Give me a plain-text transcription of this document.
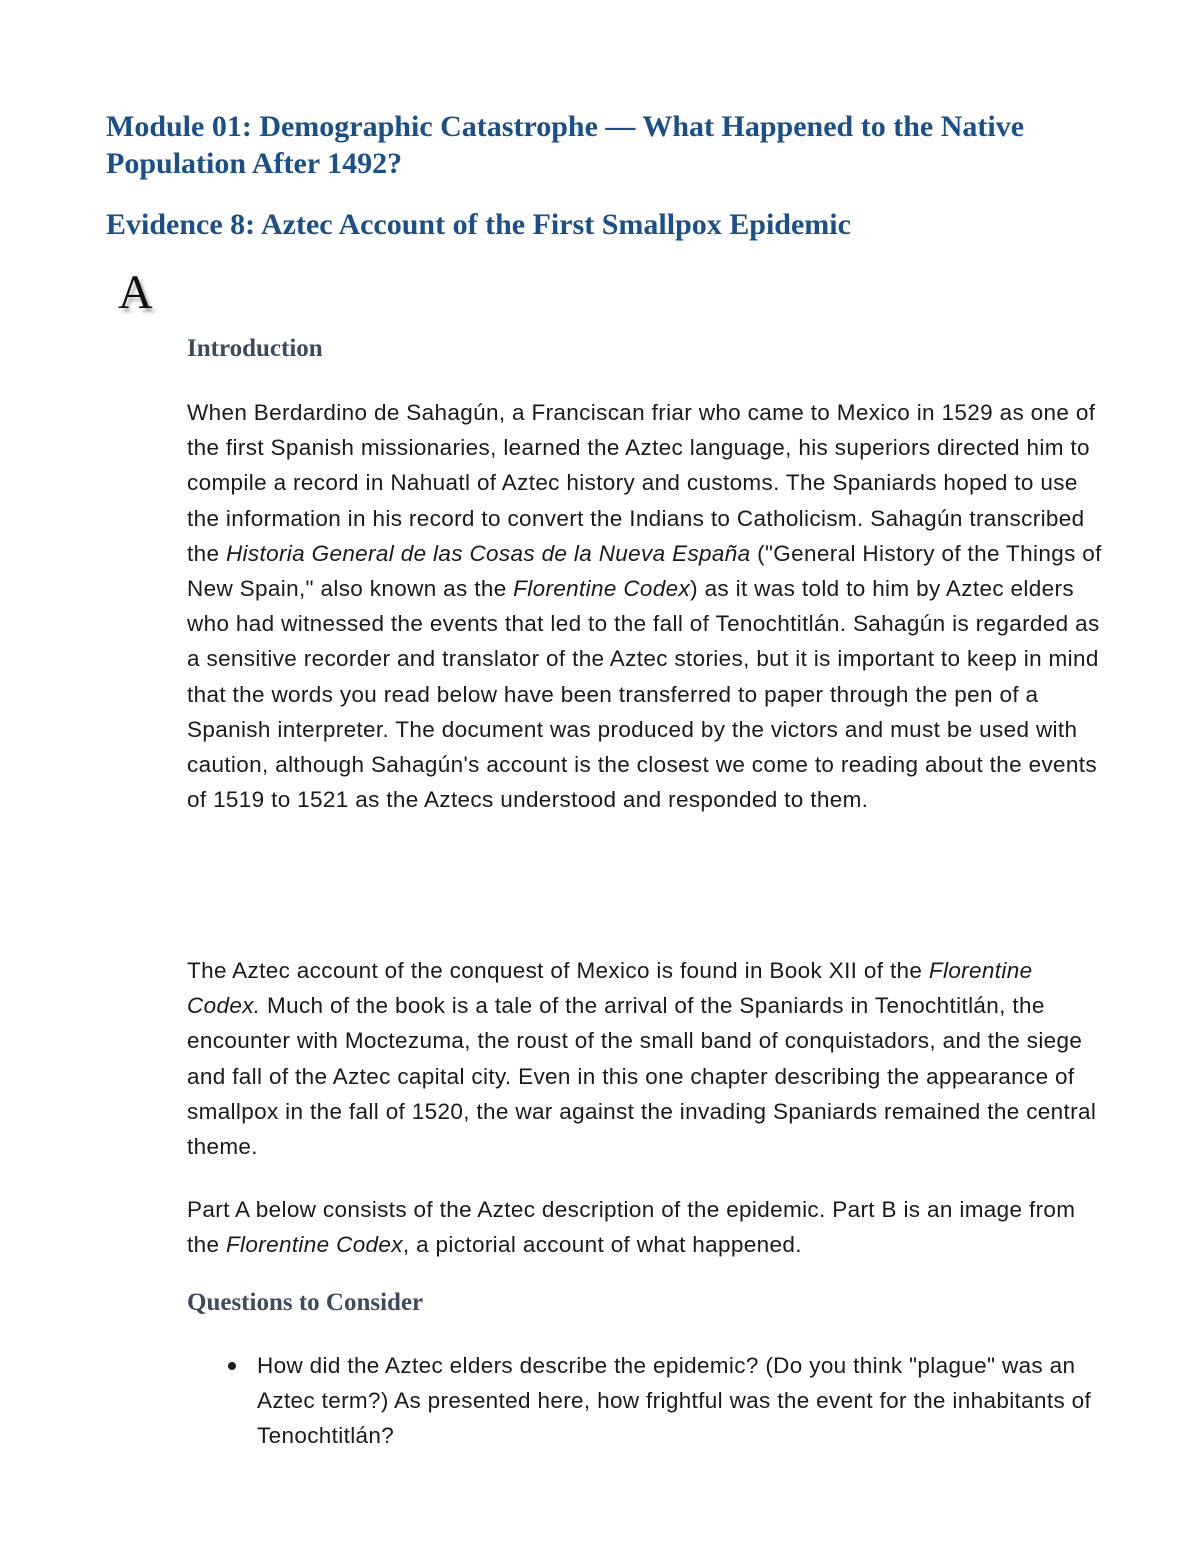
Module 01: Demographic Catastrophe — What Happened to the Native Population After 1492?
Evidence 8: Aztec Account of the First Smallpox Epidemic
A
Introduction

When Berdardino de Sahagún, a Franciscan friar who came to Mexico in 1529 as one of the first Spanish missionaries, learned the Aztec language, his superiors directed him to compile a record in Nahuatl of Aztec history and customs. The Spaniards hoped to use the information in his record to convert the Indians to Catholicism. Sahagún transcribed the Historia General de las Cosas de la Nueva España ("General History of the Things of New Spain," also known as the Florentine Codex) as it was told to him by Aztec elders who had witnessed the events that led to the fall of Tenochtitlán. Sahagún is regarded as a sensitive recorder and translator of the Aztec stories, but it is important to keep in mind that the words you read below have been transferred to paper through the pen of a Spanish interpreter. The document was produced by the victors and must be used with caution, although Sahagún's account is the closest we come to reading about the events of 1519 to 1521 as the Aztecs understood and responded to them.

The Aztec account of the conquest of Mexico is found in Book XII of the Florentine Codex. Much of the book is a tale of the arrival of the Spaniards in Tenochtitlán, the encounter with Moctezuma, the roust of the small band of conquistadors, and the siege and fall of the Aztec capital city. Even in this one chapter describing the appearance of smallpox in the fall of 1520, the war against the invading Spaniards remained the central theme.

Part A below consists of the Aztec description of the epidemic. Part B is an image from the Florentine Codex, a pictorial account of what happened.

Questions to Consider
How did the Aztec elders describe the epidemic? (Do you think "plague" was an Aztec term?) As presented here, how frightful was the event for the inhabitants of Tenochtitlán?
